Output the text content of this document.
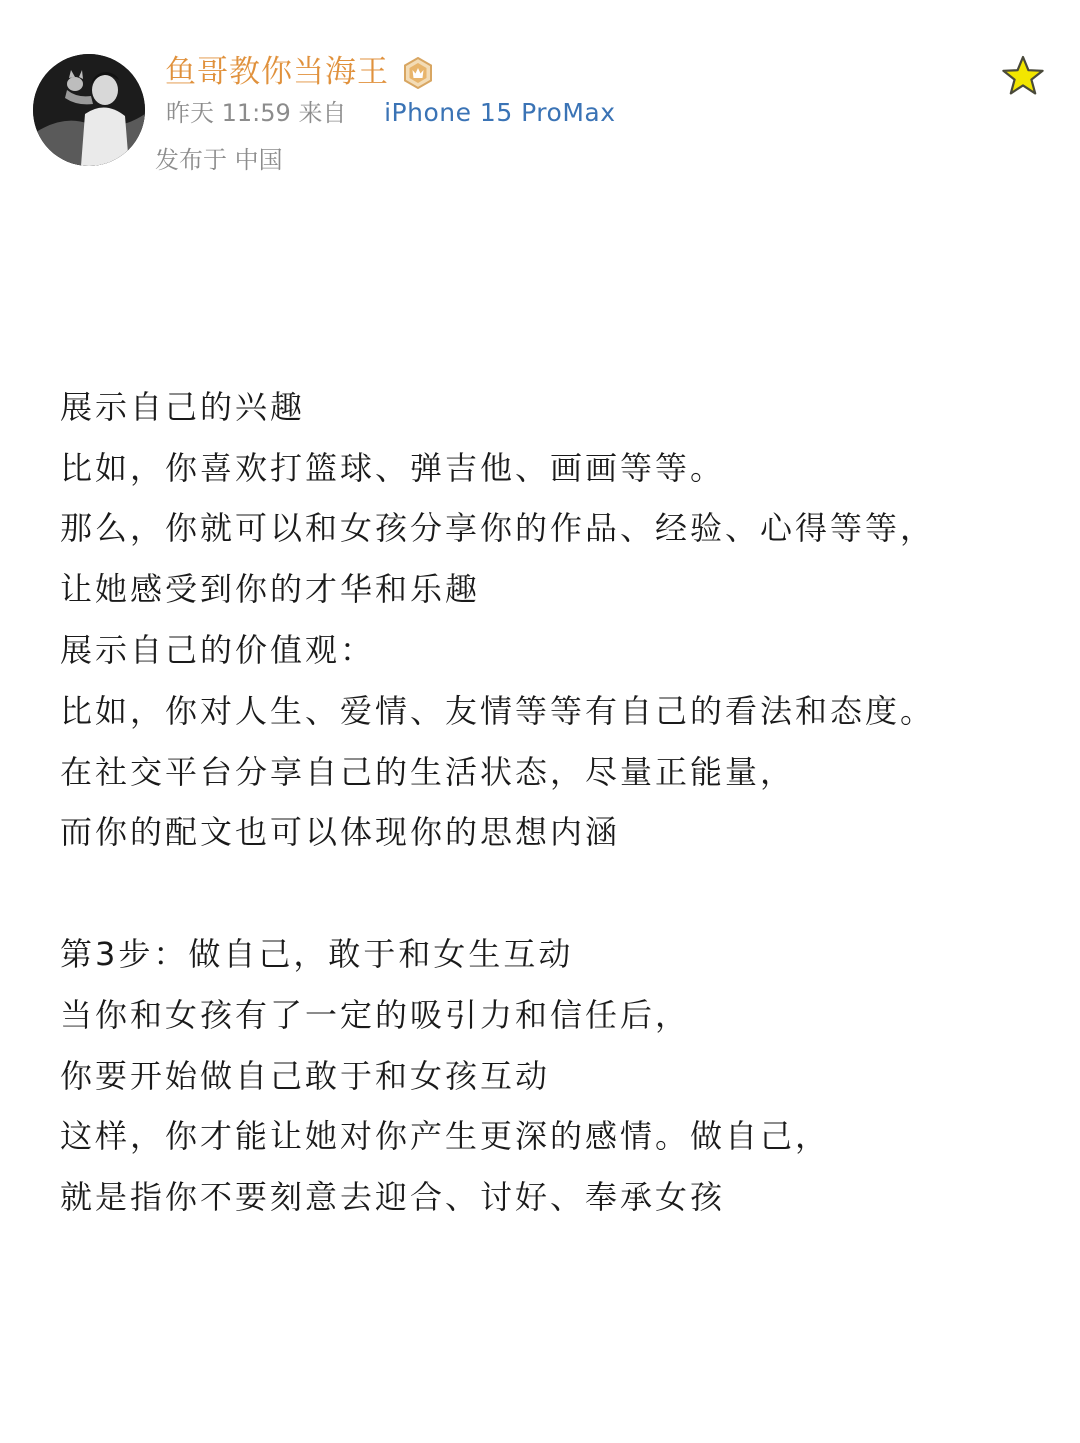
鱼哥教你当海王
昨天 11:59 来自 iPhone 15 ProMax
发布于 中国
展示自己的兴趣
比如，你喜欢打篮球、弹吉他、画画等等。
那么，你就可以和女孩分享你的作品、经验、心得等等，
让她感受到你的才华和乐趣
展示自己的价值观：
比如，你对人生、爱情、友情等等有自己的看法和态度。
在社交平台分享自己的生活状态，尽量正能量，
而你的配文也可以体现你的思想内涵
第3步：做自己，敢于和女生互动
当你和女孩有了一定的吸引力和信任后，
你要开始做自己敢于和女孩互动
这样，你才能让她对你产生更深的感情。做自己，
就是指你不要刻意去迎合、讨好、奉承女孩
